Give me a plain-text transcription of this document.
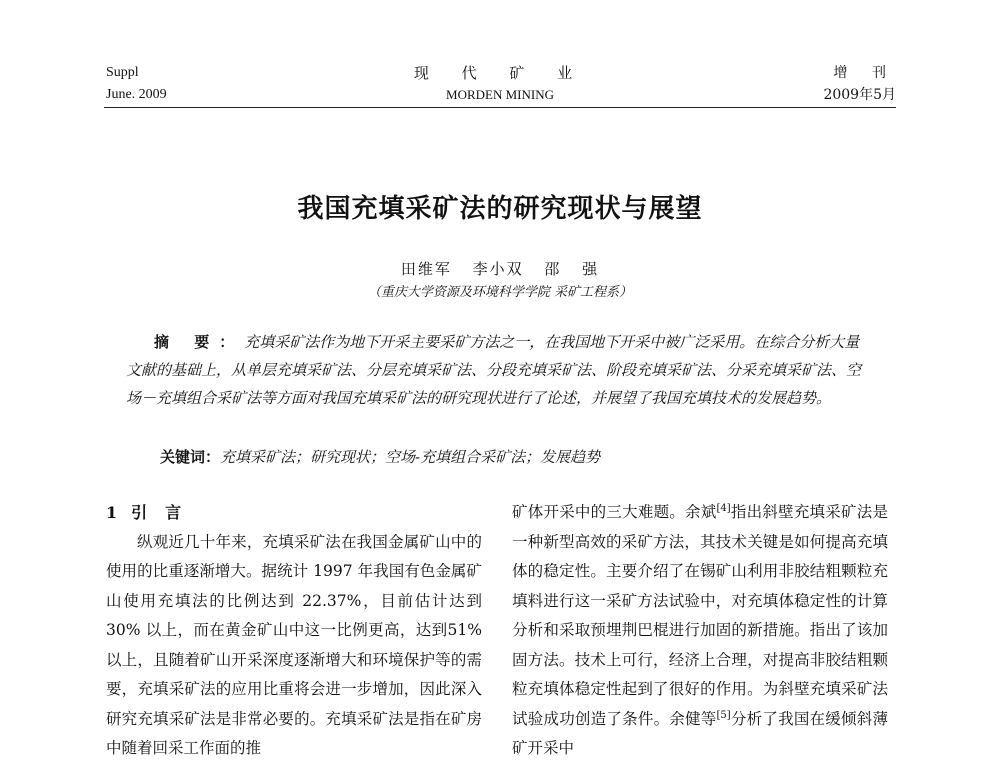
Suppl
June. 2009
现 代 矿 业
MORDEN MINING
增 刊
2009年5月
我国充填采矿法的研究现状与展望
田维军 李小双 邵 强
（重庆大学资源及环境科学学院 采矿工程系）
摘 要：充填采矿法作为地下开采主要采矿方法之一，在我国地下开采中被广泛采用。在综合分析大量文献的基础上，从单层充填采矿法、分层充填采矿法、分段充填采矿法、阶段充填采矿法、分采充填采矿法、空场－充填组合采矿法等方面对我国充填采矿法的研究现状进行了论述，并展望了我国充填技术的发展趋势。
关键词：充填采矿法；研究现状；空场-充填组合采矿法；发展趋势
1 引言

纵观近几十年来，充填采矿法在我国金属矿山中的使用的比重逐渐增大。据统计 1997 年我国有色金属矿山使用充填法的比例达到 22.37%，目前估计达到 30% 以上，而在黄金矿山中这一比例更高，达到51%以上，且随着矿山开采深度逐渐增大和环境保护等的需要，充填采矿法的应用比重将会进一步增加，因此深入研究充填采矿法是非常必要的。充填采矿法是指在矿房中随着回采工作面的推

矿体开采中的三大难题。余斌[4]指出斜壁充填采矿法是一种新型高效的采矿方法，其技术关键是如何提高充填体的稳定性。主要介绍了在锡矿山利用非胶结粗颗粒充填料进行这一采矿方法试验中，对充填体稳定性的计算分析和采取预埋荆巴棍进行加固的新措施。指出了该加固方法。技术上可行，经济上合理，对提高非胶结粗颗粒充填体稳定性起到了很好的作用。为斜壁充填采矿法试验成功创造了条件。余健等[5]分析了我国在缓倾斜薄矿开采中
